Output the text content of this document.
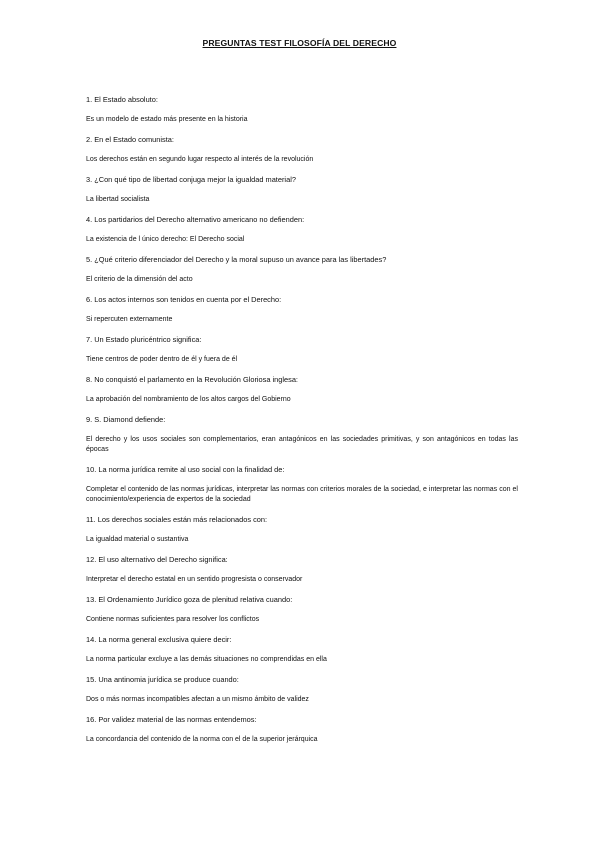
PREGUNTAS TEST FILOSOFÍA DEL DERECHO

1. El Estado absoluto:

Es un modelo de estado más presente en la historia

2. En el Estado comunista:

Los derechos están en segundo lugar respecto al interés de la revolución

3. ¿Con qué tipo de libertad conjuga mejor la igualdad material?

La libertad socialista

4. Los partidarios del Derecho alternativo americano no defienden:

La existencia de l único derecho: El Derecho social

5. ¿Qué criterio diferenciador del Derecho y la moral supuso un avance para las libertades?

El criterio de la dimensión del acto

6. Los actos internos son tenidos en cuenta por el Derecho:

Si repercuten externamente

7. Un Estado pluricéntrico significa:

Tiene centros de poder dentro de él y fuera de él

8. No conquistó el parlamento en la Revolución Gloriosa inglesa:

La aprobación del nombramiento de los altos cargos del Gobierno

9. S. Diamond defiende:

El derecho y los usos sociales son complementarios, eran antagónicos en las sociedades primitivas, y son antagónicos en todas las épocas

10. La norma jurídica remite al uso social con la finalidad de:

Completar el contenido de las normas jurídicas, interpretar las normas con criterios morales de la sociedad, e interpretar las normas con el conocimiento/experiencia de expertos de la sociedad

11. Los derechos sociales están más relacionados con:

La igualdad material o sustantiva

12. El uso alternativo del Derecho significa:

Interpretar el derecho estatal en un sentido progresista o conservador

13. El Ordenamiento Jurídico goza de plenitud relativa cuando:

Contiene normas suficientes para resolver los conflictos

14. La norma general exclusiva quiere decir:

La norma particular excluye a las demás situaciones no comprendidas en ella

15. Una antinomia jurídica se produce cuando:

Dos o más normas incompatibles afectan a un mismo ámbito de validez

16. Por validez material de las normas entendemos:

La concordancia del contenido de la norma con el de la superior jerárquica
